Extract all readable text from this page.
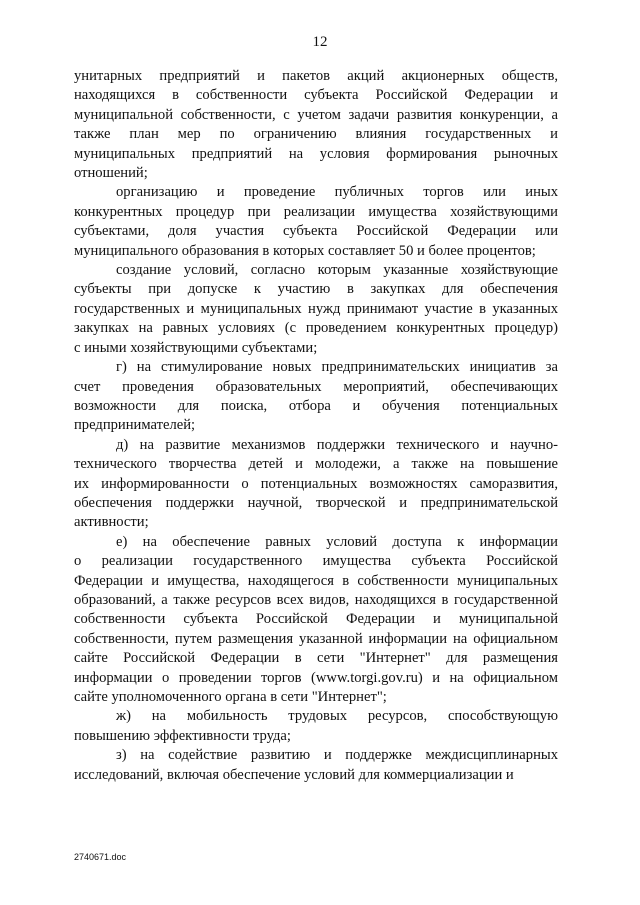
12
унитарных предприятий и пакетов акций акционерных обществ,
находящихся в собственности субъекта Российской Федерации и
муниципальной собственности, с учетом задачи развития конкуренции, а
также план мер по ограничению влияния государственных и
муниципальных предприятий на условия формирования рыночных
отношений;
организацию и проведение публичных торгов или иных
конкурентных процедур при реализации имущества хозяйствующими
субъектами, доля участия субъекта Российской Федерации или
муниципального образования в которых составляет 50 и более процентов;
создание условий, согласно которым указанные хозяйствующие
субъекты при допуске к участию в закупках для обеспечения
государственных и муниципальных нужд принимают участие в указанных
закупках на равных условиях (с проведением конкурентных процедур)
с иными хозяйствующими субъектами;
г) на стимулирование новых предпринимательских инициатив за
счет проведения образовательных мероприятий, обеспечивающих
возможности для поиска, отбора и обучения потенциальных
предпринимателей;
д) на развитие механизмов поддержки технического и научно-
технического творчества детей и молодежи, а также на повышение
их информированности о потенциальных возможностях саморазвития,
обеспечения поддержки научной, творческой и предпринимательской
активности;
е) на обеспечение равных условий доступа к информации
о реализации государственного имущества субъекта Российской
Федерации и имущества, находящегося в собственности муниципальных
образований, а также ресурсов всех видов, находящихся в государственной
собственности субъекта Российской Федерации и муниципальной
собственности, путем размещения указанной информации на официальном
сайте Российской Федерации в сети "Интернет" для размещения
информации о проведении торгов (www.torgi.gov.ru) и на официальном
сайте уполномоченного органа в сети "Интернет";
ж) на мобильность трудовых ресурсов, способствующую
повышению эффективности труда;
з) на содействие развитию и поддержке междисциплинарных
исследований, включая обеспечение условий для коммерциализации и
2740671.doc
